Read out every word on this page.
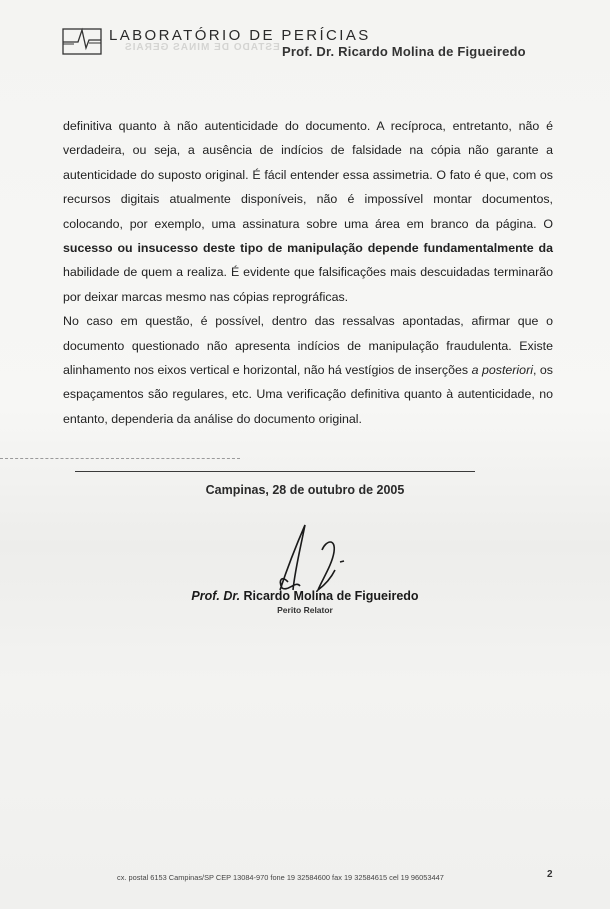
LABORATÓRIO DE PERÍCIAS
ESTADO DE MINAS GERAIS Prof. Dr. Ricardo Molina de Figueiredo

definitiva quanto à não autenticidade do documento. A recíproca, entretanto, não é
verdadeira, ou seja, a ausência de indícios de falsidade na cópia não garante a
autenticidade do suposto original. É fácil entender essa assimetria. O fato é que, com os
recursos digitais atualmente disponíveis, não é impossível montar documentos,
colocando, por exemplo, uma assinatura sobre uma área em branco da página. O
sucesso ou insucesso deste tipo de manipulação depende fundamentalmente da
habilidade de quem a realiza. É evidente que falsificações mais descuidadas terminarão
por deixar marcas mesmo nas cópias reprográficas.

No caso em questão, é possível, dentro das ressalvas apontadas, afirmar que o
documento questionado não apresenta indícios de manipulação fraudulenta. Existe
alinhamento nos eixos vertical e horizontal, não há vestígios de inserções a posteriori, os
espaçamentos são regulares, etc. Uma verificação definitiva quanto à autenticidade, no
entanto, dependeria da análise do documento original.

Campinas, 28 de outubro de 2005
Prof. Dr. Ricardo Molina de Figueiredo
Perito Relator
cx. postal 6153 Campinas/SP CEP 13084-970 fone 19 32584600 fax 19 32584615 cel 19 96053447	2
